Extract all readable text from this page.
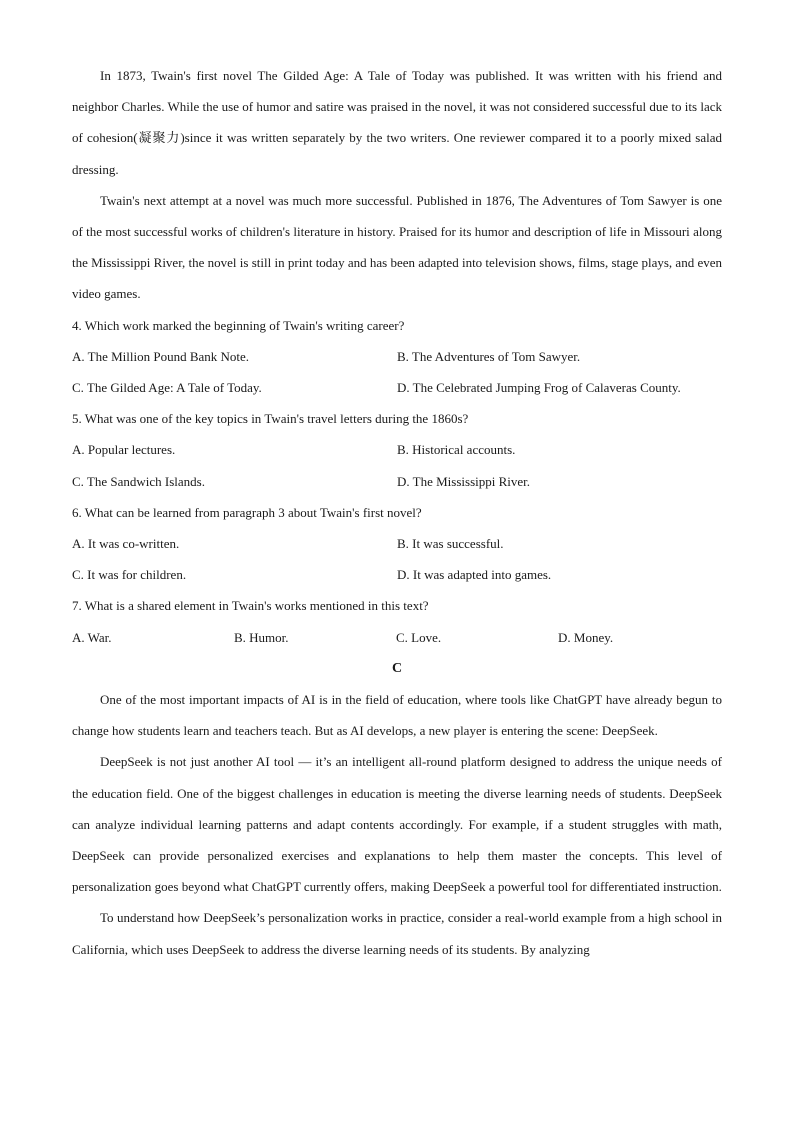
In 1873, Twain's first novel The Gilded Age: A Tale of Today was published. It was written with his friend and neighbor Charles. While the use of humor and satire was praised in the novel, it was not considered successful due to its lack of cohesion(凝聚力)since it was written separately by the two writers. One reviewer compared it to a poorly mixed salad dressing.

Twain's next attempt at a novel was much more successful. Published in 1876, The Adventures of Tom Sawyer is one of the most successful works of children's literature in history. Praised for its humor and description of life in Missouri along the Mississippi River, the novel is still in print today and has been adapted into television shows, films, stage plays, and even video games.

4. Which work marked the beginning of Twain's writing career?

A. The Million Pound Bank Note.	B. The Adventures of Tom Sawyer.
C. The Gilded Age: A Tale of Today.	D. The Celebrated Jumping Frog of Calaveras County.

5. What was one of the key topics in Twain's travel letters during the 1860s?

A. Popular lectures.	B. Historical accounts.
C. The Sandwich Islands.	D. The Mississippi River.

6. What can be learned from paragraph 3 about Twain's first novel?

A. It was co-written.	B. It was successful.
C. It was for children.	D. It was adapted into games.

7. What is a shared element in Twain's works mentioned in this text?

A. War.	B. Humor.	C. Love.	D. Money.
C

One of the most important impacts of AI is in the field of education, where tools like ChatGPT have already begun to change how students learn and teachers teach. But as AI develops, a new player is entering the scene: DeepSeek.

DeepSeek is not just another AI tool — it’s an intelligent all-round platform designed to address the unique needs of the education field. One of the biggest challenges in education is meeting the diverse learning needs of students. DeepSeek can analyze individual learning patterns and adapt contents accordingly. For example, if a student struggles with math, DeepSeek can provide personalized exercises and explanations to help them master the concepts. This level of personalization goes beyond what ChatGPT currently offers, making DeepSeek a powerful tool for differentiated instruction.

To understand how DeepSeek’s personalization works in practice, consider a real-world example from a high school in California, which uses DeepSeek to address the diverse learning needs of its students. By analyzing
